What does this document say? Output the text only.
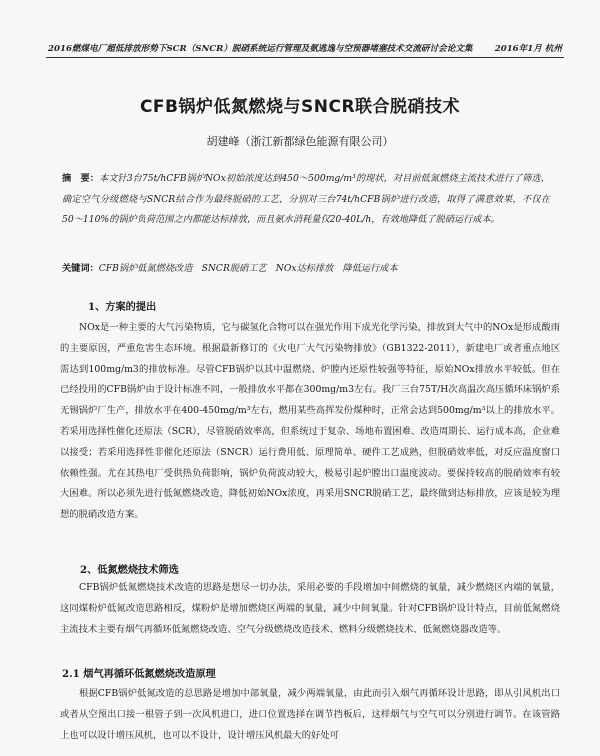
2016燃煤电厂超低排放形势下SCR（SNCR）脱硝系统运行管理及氨逃逸与空预器堵塞技术交流研讨会论文集	2016年1月 杭州
CFB锅炉低氮燃烧与SNCR联合脱硝技术
胡建峰（浙江新都绿色能源有限公司）
摘　要：本文针3台75t/hCFB锅炉NOx初始浓度达到450～500mg/m³的现状，对目前低氮燃烧主流技术进行了筛选，确定空气分级燃烧与SNCR结合作为最终脱硝的工艺，分别对三台74t/hCFB锅炉进行改造，取得了满意效果，不仅在50～110%的锅炉负荷范围之内都能达标排放，而且氨水消耗量仅20-40L/h，有效地降低了脱硝运行成本。
关键词：CFB锅炉低氮燃烧改造　SNCR脱硝工艺　NOx达标排放　降低运行成本
1、方案的提出
NOx是一种主要的大气污染物质，它与碳氢化合物可以在强光作用下成光化学污染，排放到大气中的NOx是形成酸雨的主要原因，严重危害生态环境。根据最新修订的《火电厂大气污染物排放》（GB1322-2011），新建电厂或者重点地区需达到100mg/m3的排放标准。尽管CFB锅炉以其中温燃烧、炉膛内还原性较强等特征，原始NOx排放水平较低。但在已经投用的CFB锅炉由于设计标准不同，一般排放水平都在300mg/m3左右。我厂三台75T/H次高温次高压循环床锅炉系无锡锅炉厂生产，排放水平在400-450mg/m³左右，燃用某些高挥发份煤种时，正常会达到500mg/m³以上的排放水平。若采用选择性催化还原法（SCR），尽管脱硝效率高，但系统过于复杂、场地布置困难、改造周期长、运行成本高，企业难以接受；若采用选择性非催化还原法（SNCR）运行费用低、原理简单、硬件工艺成熟，但脱硝效率低，对反应温度窗口依赖性强。尤在其热电厂受供热负荷影响，锅炉负荷波动较大，极易引起炉膛出口温度波动。要保持较高的脱硝效率有较大困难。所以必须先进行低氮燃烧改造，降低初始NOx浓度，再采用SNCR脱硝工艺，最终做到达标排放，应该是较为理想的脱硝改造方案。
2、低氮燃烧技术筛选
CFB锅炉低氮燃烧技术改造的思路是想尽一切办法，采用必要的手段增加中间燃烧的氧量，减少燃烧区内端的氧量，这同煤粉炉低氮改造思路相反，煤粉炉是增加燃烧区两端的氧量，减少中间氧量。针对CFB锅炉设计特点，目前低氮燃烧主流技术主要有烟气再循环低氮燃烧改造、空气分级燃烧改造技术、燃料分级燃烧技术、低氮燃烧器改造等。
2.1 烟气再循环低氮燃烧改造原理
根据CFB锅炉低氮改造的总思路是增加中部氧量，减少两端氧量，由此而引入烟气再循环设计思路，即从引风机出口或者从空预出口接一根管子到一次风机进口，进口位置选择在调节挡板后，这样烟气与空气可以分别进行调节。在该管路上也可以设计增压风机，也可以不设计，设计增压风机最大的好处可
